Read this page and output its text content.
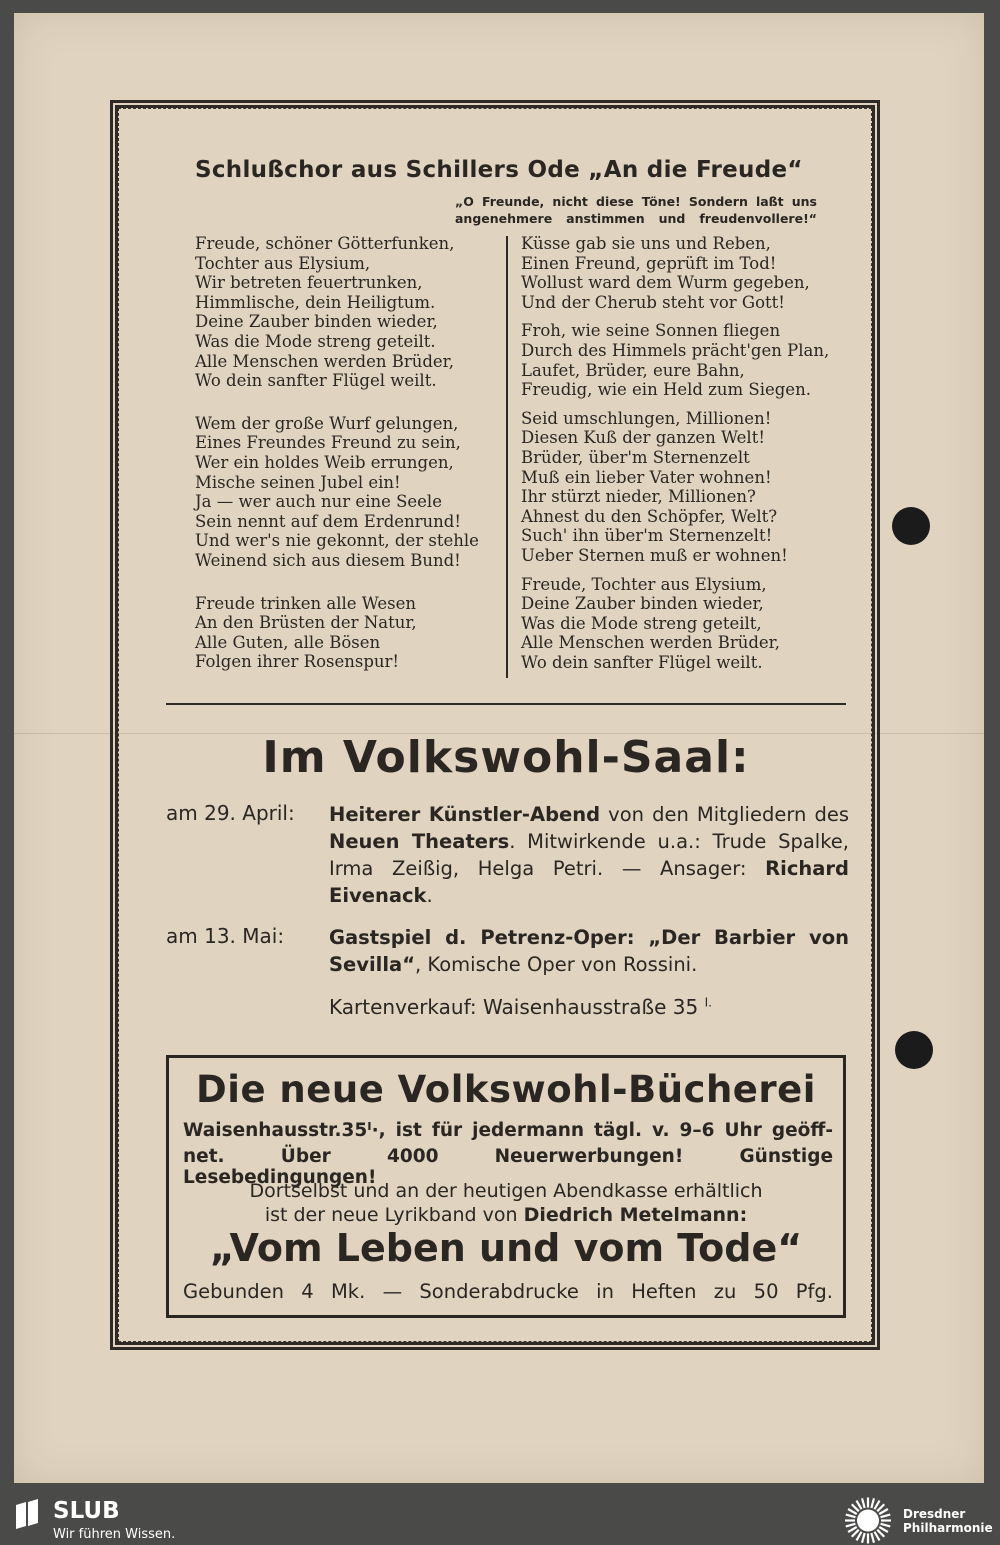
Schlußchor aus Schillers Ode „An die Freude“
„O Freunde, nicht diese Töne! Sondern laßt uns angenehmere anstimmen und freudenvollere!“
Freude, schöner Götterfunken,
Tochter aus Elysium,
Wir betreten feuertrunken,
Himmlische, dein Heiligtum.
Deine Zauber binden wieder,
Was die Mode streng geteilt.
Alle Menschen werden Brüder,
Wo dein sanfter Flügel weilt.
Wem der große Wurf gelungen,
Eines Freundes Freund zu sein,
Wer ein holdes Weib errungen,
Mische seinen Jubel ein!
Ja — wer auch nur eine Seele
Sein nennt auf dem Erdenrund!
Und wer's nie gekonnt, der stehle
Weinend sich aus diesem Bund!
Freude trinken alle Wesen
An den Brüsten der Natur,
Alle Guten, alle Bösen
Folgen ihrer Rosenspur!
Küsse gab sie uns und Reben,
Einen Freund, geprüft im Tod!
Wollust ward dem Wurm gegeben,
Und der Cherub steht vor Gott!
Froh, wie seine Sonnen fliegen
Durch des Himmels prächt'gen Plan,
Laufet, Brüder, eure Bahn,
Freudig, wie ein Held zum Siegen.
Seid umschlungen, Millionen!
Diesen Kuß der ganzen Welt!
Brüder, über'm Sternenzelt
Muß ein lieber Vater wohnen!
Ihr stürzt nieder, Millionen?
Ahnest du den Schöpfer, Welt?
Such' ihn über'm Sternenzelt!
Ueber Sternen muß er wohnen!
Freude, Tochter aus Elysium,
Deine Zauber binden wieder,
Was die Mode streng geteilt,
Alle Menschen werden Brüder,
Wo dein sanfter Flügel weilt.
Im Volkswohl-Saal:
am 29. April:	Heiterer Künstler-Abend von den Mitgliedern des Neuen Theaters. Mitwirkende u.a.: Trude Spalke, Irma Zeißig, Helga Petri. — Ansager: Richard Eivenack.
am 13. Mai:	Gastspiel d. Petrenz-Oper: „Der Barbier von Sevilla“, Komische Oper von Rossini.
Kartenverkauf: Waisenhausstraße 35 $^{I.}$
Die neue Volkswohl-Bücherei
Waisenhausstr.35ᴵ·, ist für jedermann tägl. v. 9–6 Uhr geöff-
net. Über 4000 Neuerwerbungen! Günstige Lesebedingungen!
Dortselbst und an der heutigen Abendkasse erhältlich
ist der neue Lyrikband von Diedrich Metelmann:
„Vom Leben und vom Tode“
Gebunden 4 Mk. — Sonderabdrucke in Heften zu 50 Pfg.
SLUB
Wir führen Wissen.
Dresdner
Philharmonie
